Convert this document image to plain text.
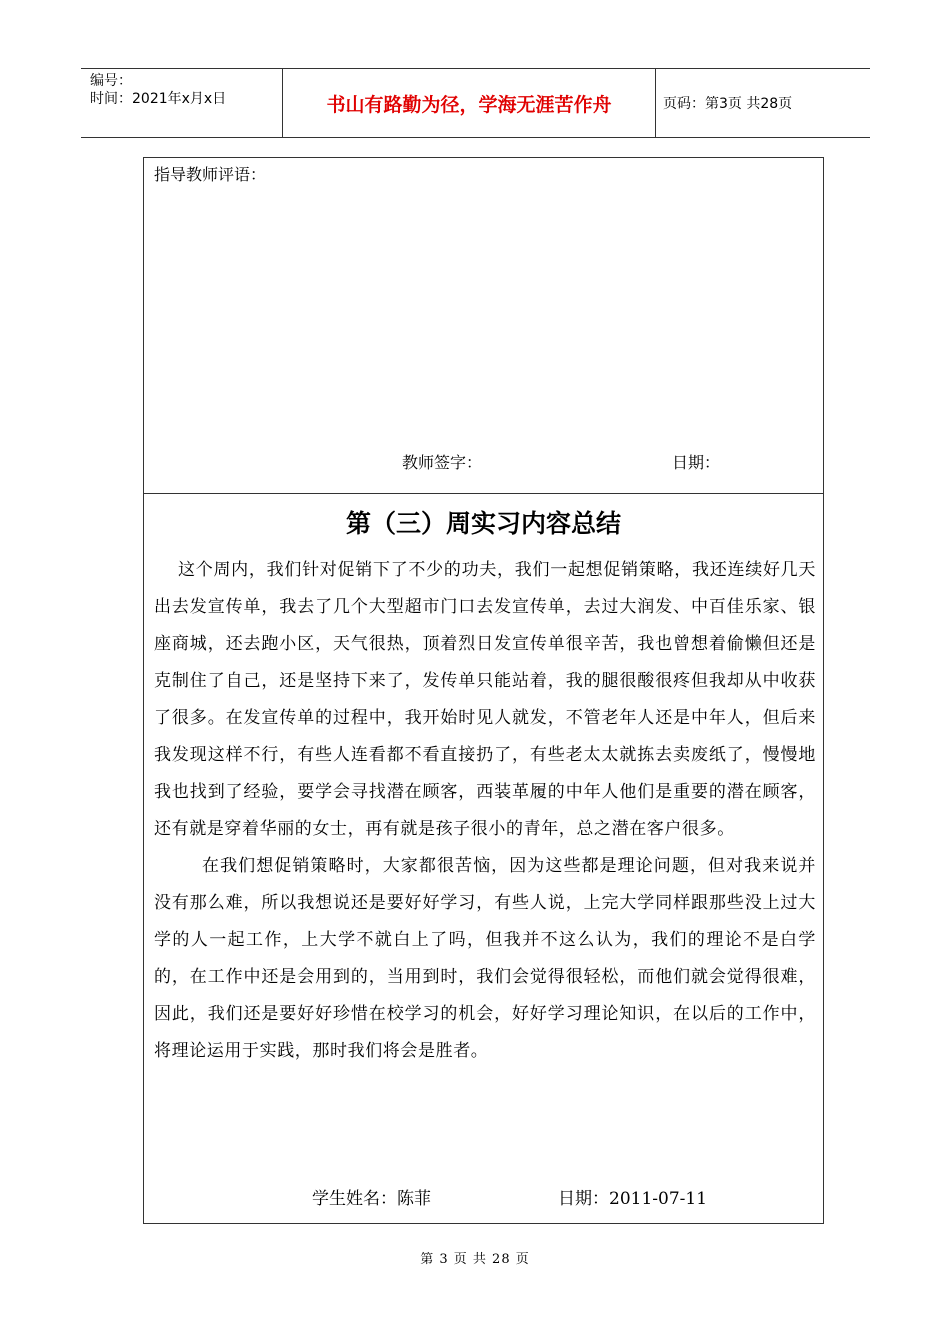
编号：
时间：2021年x月x日	书山有路勤为径，学海无涯苦作舟	页码：第3页 共28页
指导教师评语：
教师签字：	日期：
第（三）周实习内容总结

这个周内，我们针对促销下了不少的功夫，我们一起想促销策略，我还连续好几天出去发宣传单，我去了几个大型超市门口去发宣传单，去过大润发、中百佳乐家、银座商城，还去跑小区，天气很热，顶着烈日发宣传单很辛苦，我也曾想着偷懒但还是克制住了自己，还是坚持下来了，发传单只能站着，我的腿很酸很疼但我却从中收获了很多。在发宣传单的过程中，我开始时见人就发，不管老年人还是中年人，但后来我发现这样不行，有些人连看都不看直接扔了，有些老太太就拣去卖废纸了，慢慢地我也找到了经验，要学会寻找潜在顾客，西装革履的中年人他们是重要的潜在顾客，还有就是穿着华丽的女士，再有就是孩子很小的青年，总之潜在客户很多。

在我们想促销策略时，大家都很苦恼，因为这些都是理论问题，但对我来说并没有那么难，所以我想说还是要好好学习，有些人说，上完大学同样跟那些没上过大学的人一起工作，上大学不就白上了吗，但我并不这么认为，我们的理论不是白学的，在工作中还是会用到的，当用到时，我们会觉得很轻松，而他们就会觉得很难，因此，我们还是要好好珍惜在校学习的机会，好好学习理论知识，在以后的工作中，将理论运用于实践，那时我们将会是胜者。

学生姓名：陈菲	日期：2011-07-11
第 3 页 共 28 页
